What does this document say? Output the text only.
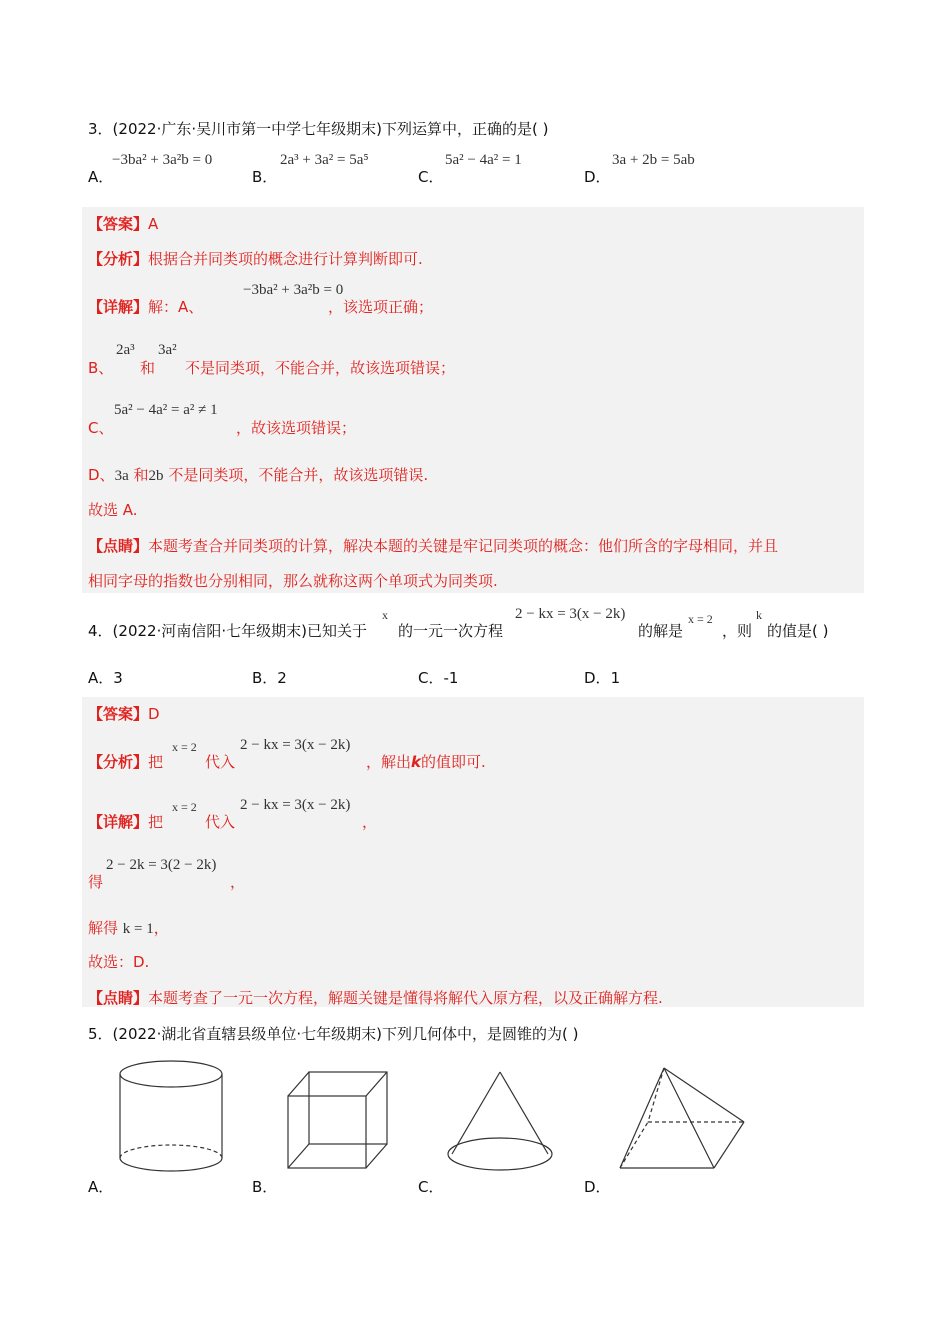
3．(2022·广东·吴川市第一中学七年级期末)下列运算中，正确的是( )
−3ba² + 3a²b = 0
A．
2a³ + 3a² = 5a⁵
B．
5a² − 4a² = 1
C．
3a + 2b = 5ab
D．
【答案】A
【分析】根据合并同类项的概念进行计算判断即可.
−3ba² + 3a²b = 0
【详解】解：A、	，该选项正确；
2a³ 3a²
B、 和 不是同类项，不能合并，故该选项错误；
5a² − 4a² = a² ≠ 1
C、	，故该选项错误；
D、3a 和2b 不是同类项，不能合并，故该选项错误.
故选 A.
【点睛】本题考查合并同类项的计算，解决本题的关键是牢记同类项的概念：他们所含的字母相同，并且
相同字母的指数也分别相同，那么就称这两个单项式为同类项.
x	2 − kx = 3(x − 2k)	x = 2	k
4．(2022·河南信阳·七年级期末)已知关于 的一元一次方程	的解是	，则 的值是( )
A．3	B．2	C．-1	D．1
【答案】D
x = 2	2 − kx = 3(x − 2k)
【分析】把	代入	，解出k的值即可.
x = 2	2 − kx = 3(x − 2k)
【详解】把	代入	，
2 − 2k = 3(2 − 2k)
得	，
解得 k = 1，
故选：D.
【点睛】本题考查了一元一次方程，解题关键是懂得将解代入原方程，以及正确解方程.
5．(2022·湖北省直辖县级单位·七年级期末)下列几何体中，是圆锥的为( )
A．	B．	C．	D．
